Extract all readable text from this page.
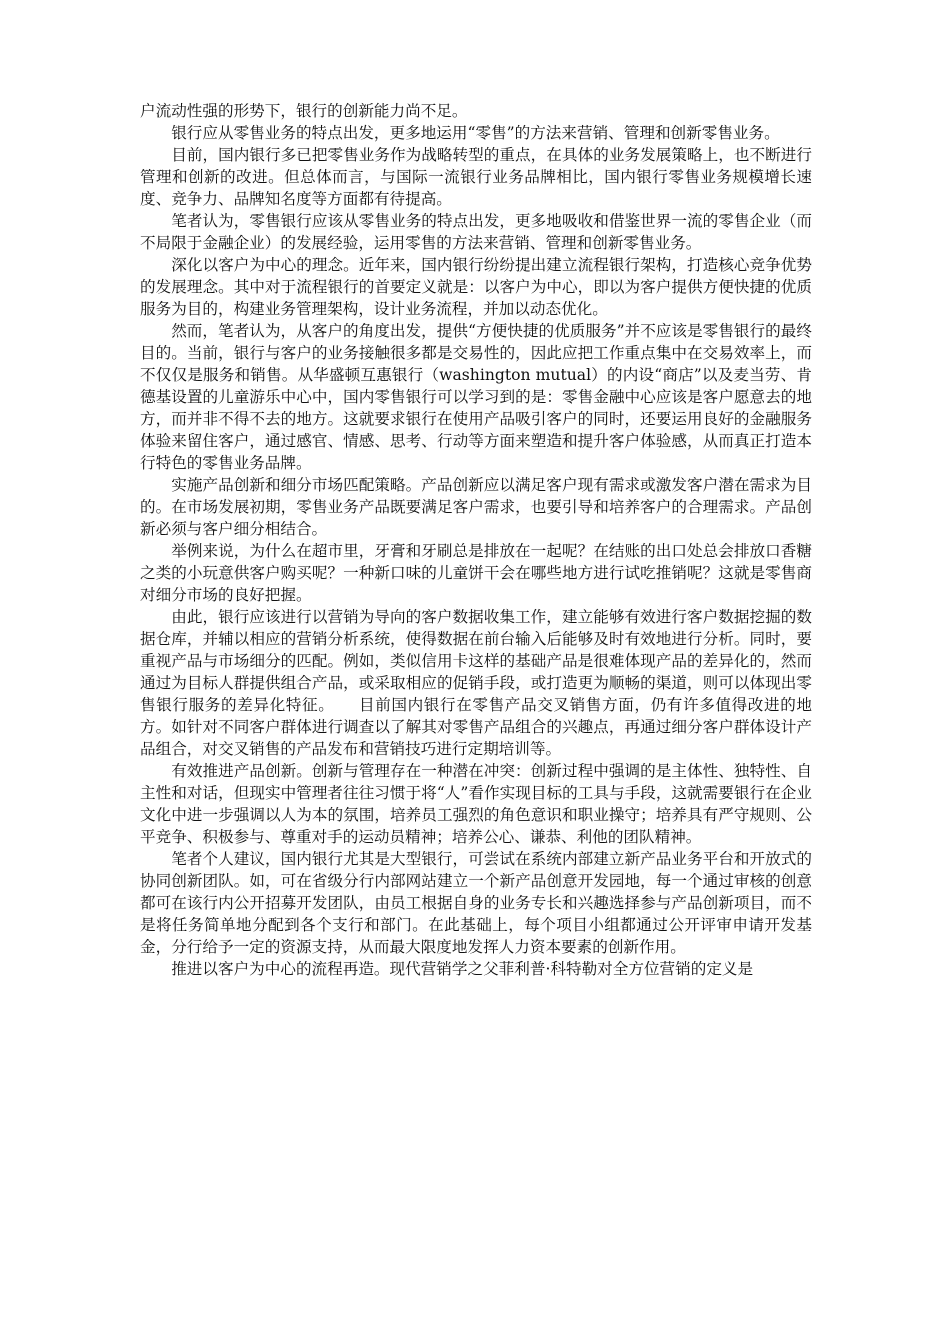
户流动性强的形势下，银行的创新能力尚不足。

银行应从零售业务的特点出发，更多地运用“零售”的方法来营销、管理和创新零售业务。

目前，国内银行多已把零售业务作为战略转型的重点，在具体的业务发展策略上，也不断进行管理和创新的改进。但总体而言，与国际一流银行业务品牌相比，国内银行零售业务规模增长速度、竞争力、品牌知名度等方面都有待提高。

笔者认为，零售银行应该从零售业务的特点出发，更多地吸收和借鉴世界一流的零售企业（而不局限于金融企业）的发展经验，运用零售的方法来营销、管理和创新零售业务。

深化以客户为中心的理念。近年来，国内银行纷纷提出建立流程银行架构，打造核心竞争优势的发展理念。其中对于流程银行的首要定义就是：以客户为中心，即以为客户提供方便快捷的优质服务为目的，构建业务管理架构，设计业务流程，并加以动态优化。

然而，笔者认为，从客户的角度出发，提供“方便快捷的优质服务”并不应该是零售银行的最终目的。当前，银行与客户的业务接触很多都是交易性的，因此应把工作重点集中在交易效率上，而不仅仅是服务和销售。从华盛顿互惠银行（washington mutual）的内设“商店”以及麦当劳、肯德基设置的儿童游乐中心中，国内零售银行可以学习到的是：零售金融中心应该是客户愿意去的地方，而并非不得不去的地方。这就要求银行在使用产品吸引客户的同时，还要运用良好的金融服务体验来留住客户，通过感官、情感、思考、行动等方面来塑造和提升客户体验感，从而真正打造本行特色的零售业务品牌。

实施产品创新和细分市场匹配策略。产品创新应以满足客户现有需求或激发客户潜在需求为目的。在市场发展初期，零售业务产品既要满足客户需求，也要引导和培养客户的合理需求。产品创新必须与客户细分相结合。

举例来说，为什么在超市里，牙膏和牙刷总是排放在一起呢？在结账的出口处总会排放口香糖之类的小玩意供客户购买呢？一种新口味的儿童饼干会在哪些地方进行试吃推销呢？这就是零售商对细分市场的良好把握。

由此，银行应该进行以营销为导向的客户数据收集工作，建立能够有效进行客户数据挖掘的数据仓库，并辅以相应的营销分析系统，使得数据在前台输入后能够及时有效地进行分析。同时，要重视产品与市场细分的匹配。例如，类似信用卡这样的基础产品是很难体现产品的差异化的，然而通过为目标人群提供组合产品，或采取相应的促销手段，或打造更为顺畅的渠道，则可以体现出零售银行服务的差异化特征。　　目前国内银行在零售产品交叉销售方面，仍有许多值得改进的地方。如针对不同客户群体进行调查以了解其对零售产品组合的兴趣点，再通过细分客户群体设计产品组合，对交叉销售的产品发布和营销技巧进行定期培训等。

有效推进产品创新。创新与管理存在一种潜在冲突：创新过程中强调的是主体性、独特性、自主性和对话，但现实中管理者往往习惯于将“人”看作实现目标的工具与手段，这就需要银行在企业文化中进一步强调以人为本的氛围，培养员工强烈的角色意识和职业操守；培养具有严守规则、公平竞争、积极参与、尊重对手的运动员精神；培养公心、谦恭、利他的团队精神。

笔者个人建议，国内银行尤其是大型银行，可尝试在系统内部建立新产品业务平台和开放式的协同创新团队。如，可在省级分行内部网站建立一个新产品创意开发园地，每一个通过审核的创意都可在该行内公开招募开发团队，由员工根据自身的业务专长和兴趣选择参与产品创新项目，而不是将任务简单地分配到各个支行和部门。在此基础上，每个项目小组都通过公开评审申请开发基金，分行给予一定的资源支持，从而最大限度地发挥人力资本要素的创新作用。

推进以客户为中心的流程再造。现代营销学之父菲利普·科特勒对全方位营销的定义是
